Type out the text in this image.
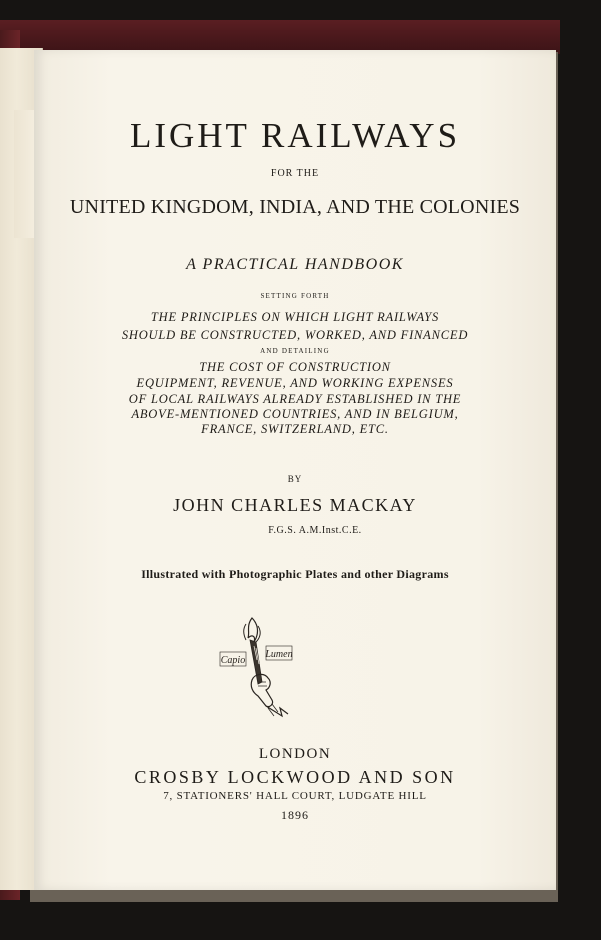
LIGHT RAILWAYS
FOR THE
UNITED KINGDOM, INDIA, AND THE COLONIES
A PRACTICAL HANDBOOK
SETTING FORTH
THE PRINCIPLES ON WHICH LIGHT RAILWAYS
SHOULD BE CONSTRUCTED, WORKED, AND FINANCED
AND DETAILING
THE COST OF CONSTRUCTION
EQUIPMENT, REVENUE, AND WORKING EXPENSES
OF LOCAL RAILWAYS ALREADY ESTABLISHED IN THE
ABOVE-MENTIONED COUNTRIES, AND IN BELGIUM,
FRANCE, SWITZERLAND, ETC.
BY
JOHN CHARLES MACKAY
F.G.S. A.M.Inst.C.E.
Illustrated with Photographic Plates and other Diagrams
Capio
Lumen
LONDON
CROSBY LOCKWOOD AND SON
7, STATIONERS' HALL COURT, LUDGATE HILL
1896
